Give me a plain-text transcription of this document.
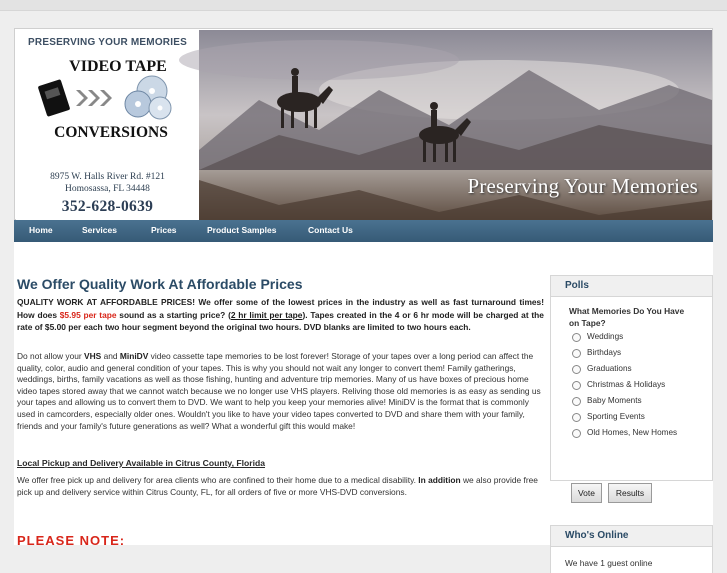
PRESERVING YOUR MEMORIES
VIDEO TAPE
CONVERSIONS
8975 W. Halls River Rd. #121
Homosassa, FL 34448
352-628-0639
Preserving Your Memories
Home	Services	Prices	Product Samples	Contact Us
We Offer Quality Work At Affordable Prices

QUALITY WORK AT AFFORDABLE PRICES! We offer some of the lowest prices in the industry as well as fast turnaround times! How does $5.95 per tape sound as a starting price? (2 hr limit per tape). Tapes created in the 4 or 6 hr mode will be charged at the rate of $5.00 per each two hour segment beyond the original two hours. DVD blanks are limited to two hours each.

Do not allow your VHS and MiniDV video cassette tape memories to be lost forever! Storage of your tapes over a long period can affect the quality, color, audio and general condition of your tapes. This is why you should not wait any longer to convert them! Family gatherings, weddings, births, family vacations as well as those fishing, hunting and adventure trip memories. Many of us have boxes of precious home video tapes stored away that we cannot watch because we no longer use VHS players. Reliving those old memories is as easy as sending us your tapes and allowing us to convert them to DVD. We want to help you keep your memories alive! MiniDV is the format that is commonly used in camcorders, especially older ones. Wouldn't you like to have your video tapes converted to DVD and share them with your family, friends and your family's future generations as well? What a wonderful gift this would make!

Local Pickup and Delivery Available in Citrus County, Florida

We offer free pick up and delivery for area clients who are confined to their home due to a medical disability. In addition we also provide free pick up and delivery service within Citrus County, FL, for all orders of five or more VHS-DVD conversions.

PLEASE NOTE:
Polls
What Memories Do You Have on Tape?
Weddings
Birthdays
Graduations
Christmas & Holidays
Baby Moments
Sporting Events
Old Homes, New Homes
Vote	Results
Who's Online
We have 1 guest online
